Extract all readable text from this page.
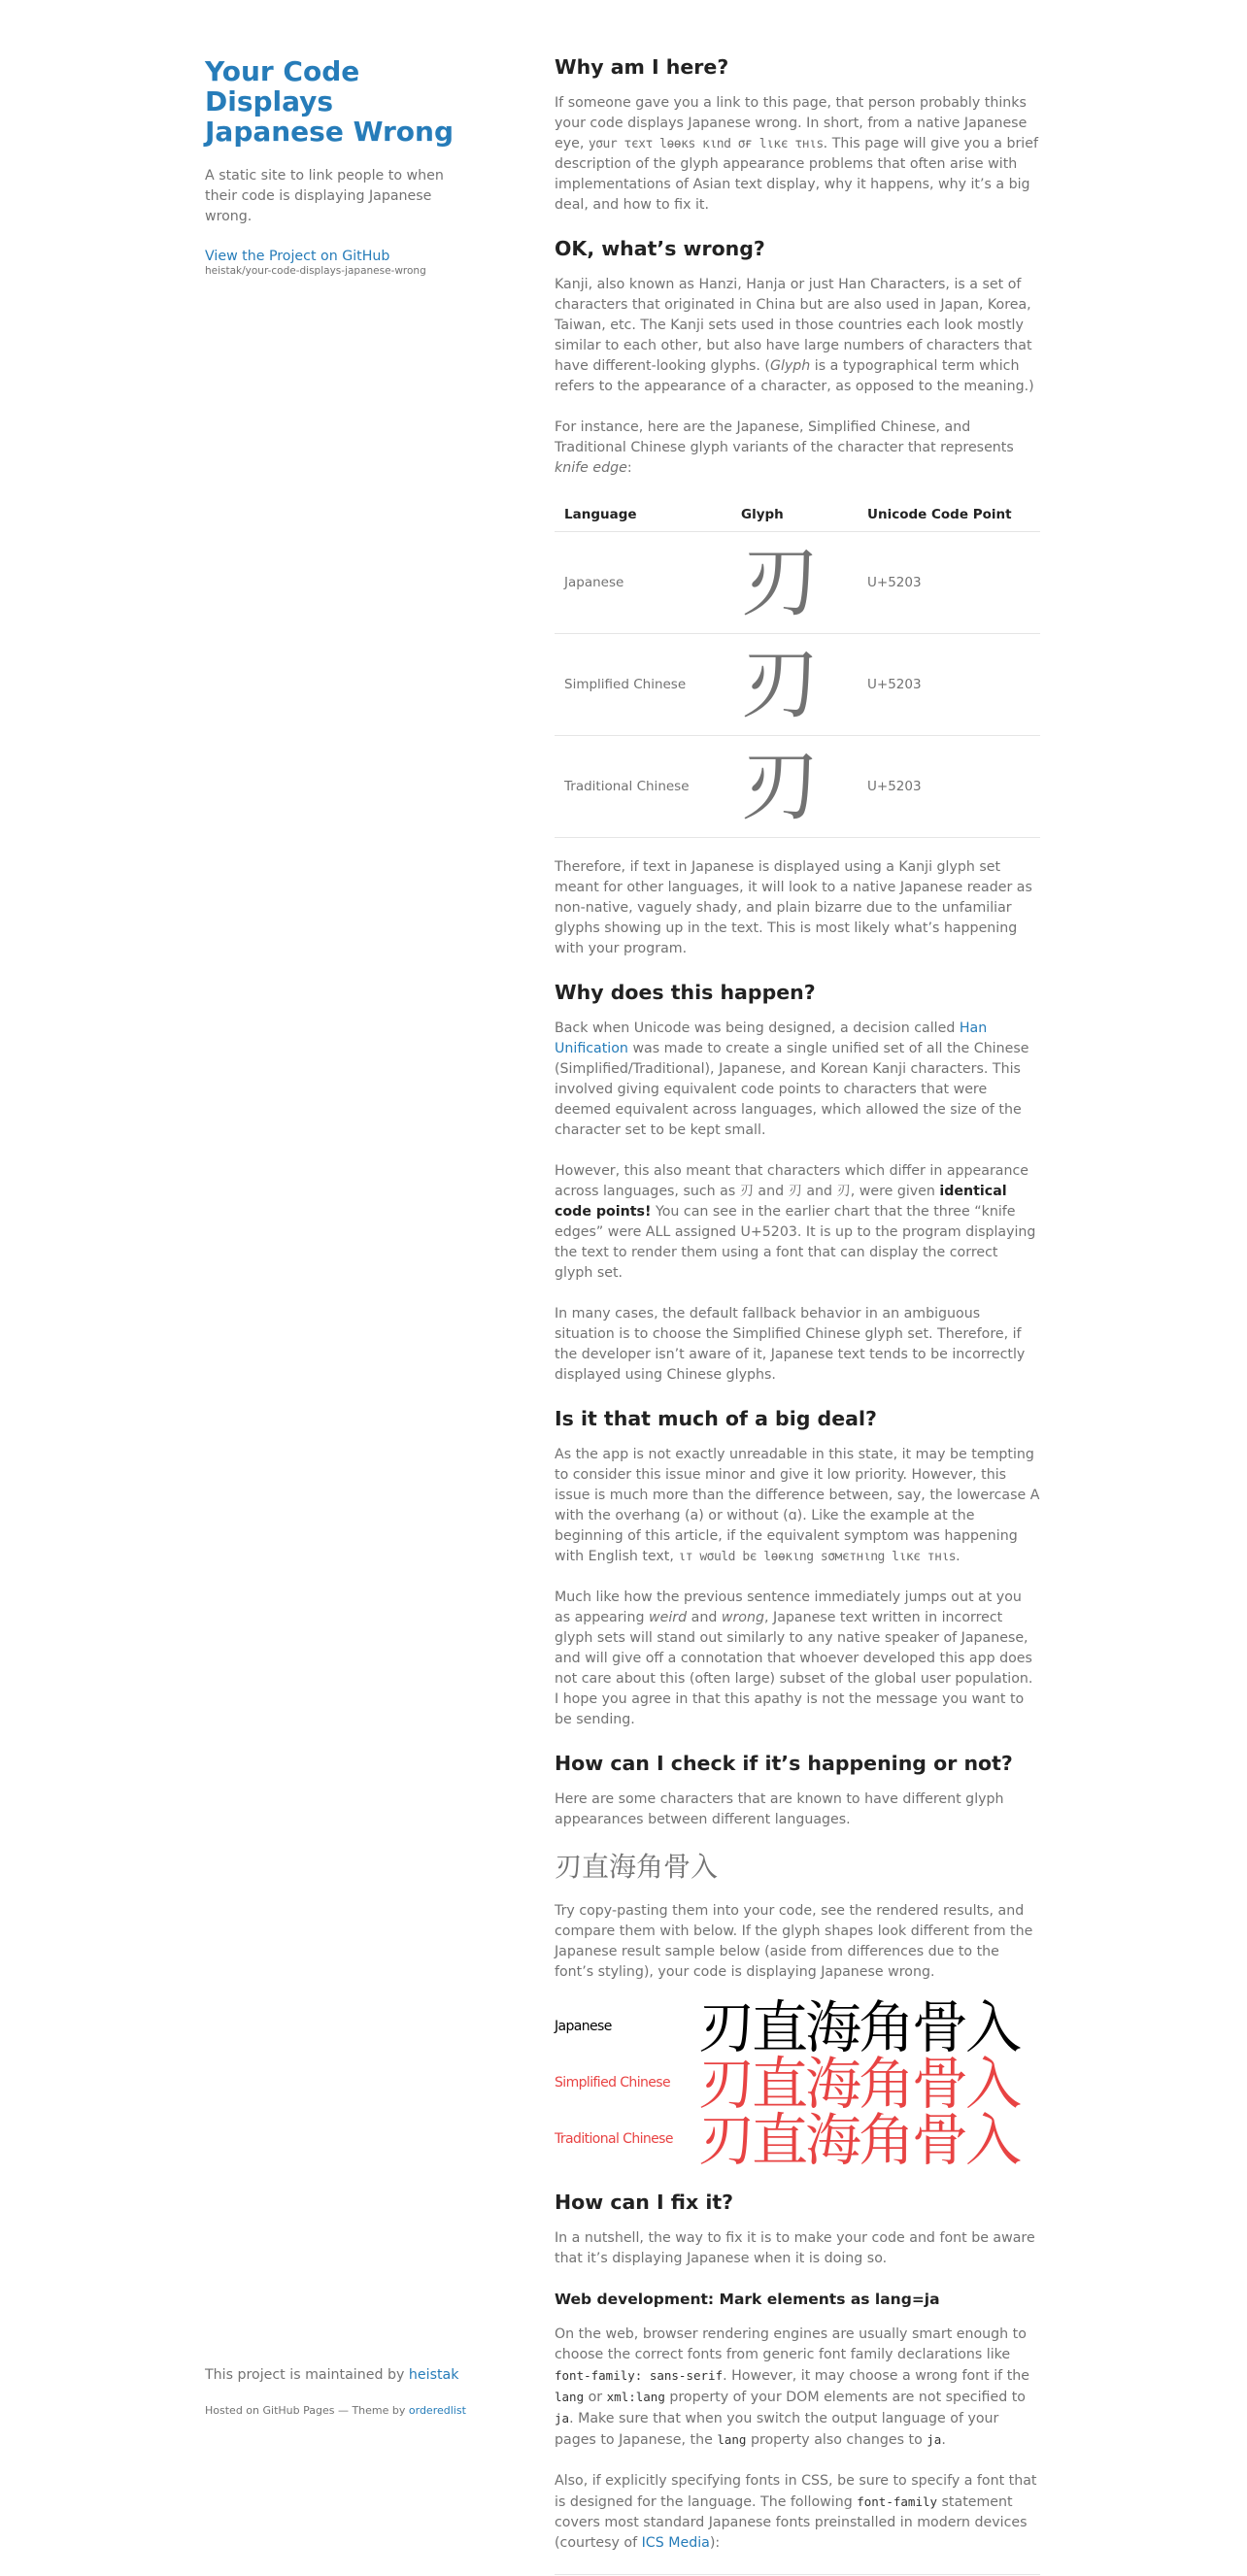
Your Code Displays Japanese Wrong

A static site to link people to when their code is displaying Japanese wrong.

View the Project on GitHub
heistak/your-code-displays-japanese-wrong

This project is maintained by heistak

Hosted on GitHub Pages — Theme by orderedlist

Why am I here?

If someone gave you a link to this page, that person probably thinks your code displays Japanese wrong. In short, from a native Japanese eye, yσur τєxτ lөөκs ĸιnd σғ lιĸє τнιs. This page will give you a brief description of the glyph appearance problems that often arise with implementations of Asian text display, why it happens, why it’s a big deal, and how to fix it.

OK, what’s wrong?

Kanji, also known as Hanzi, Hanja or just Han Characters, is a set of characters that originated in China but are also used in Japan, Korea, Taiwan, etc. The Kanji sets used in those countries each look mostly similar to each other, but also have large numbers of characters that have different-looking glyphs. (Glyph is a typographical term which refers to the appearance of a character, as opposed to the meaning.)

For instance, here are the Japanese, Simplified Chinese, and Traditional Chinese glyph variants of the character that represents knife edge:

Language	Glyph	Unicode Code Point
Japanese	刃	U+5203
Simplified Chinese	刃	U+5203
Traditional Chinese	刃	U+5203

Therefore, if text in Japanese is displayed using a Kanji glyph set meant for other languages, it will look to a native Japanese reader as non-native, vaguely shady, and plain bizarre due to the unfamiliar glyphs showing up in the text. This is most likely what’s happening with your program.

Why does this happen?

Back when Unicode was being designed, a decision called Han Unification was made to create a single unified set of all the Chinese (Simplified/Traditional), Japanese, and Korean Kanji characters. This involved giving equivalent code points to characters that were deemed equivalent across languages, which allowed the size of the character set to be kept small.

However, this also meant that characters which differ in appearance across languages, such as 刃 and 刃 and 刃, were given identical code points! You can see in the earlier chart that the three “knife edges” were ALL assigned U+5203. It is up to the program displaying the text to render them using a font that can display the correct glyph set.

In many cases, the default fallback behavior in an ambiguous situation is to choose the Simplified Chinese glyph set. Therefore, if the developer isn’t aware of it, Japanese text tends to be incorrectly displayed using Chinese glyphs.

Is it that much of a big deal?

As the app is not exactly unreadable in this state, it may be tempting to consider this issue minor and give it low priority. However, this issue is much more than the difference between, say, the lowercase A with the overhang (a) or without (ɑ). Like the example at the beginning of this article, if the equivalent symptom was happening with English text, ιт wσuld bє lөөκιng sσмєтнιng lιĸє тнιs.

Much like how the previous sentence immediately jumps out at you as appearing weird and wrong, Japanese text written in incorrect glyph sets will stand out similarly to any native speaker of Japanese, and will give off a connotation that whoever developed this app does not care about this (often large) subset of the global user population. I hope you agree in that this apathy is not the message you want to be sending.

How can I check if it’s happening or not?

Here are some characters that are known to have different glyph appearances between different languages.

刃直海角骨入

Try copy-pasting them into your code, see the rendered results, and compare them with below. If the glyph shapes look different from the Japanese result sample below (aside from differences due to the font’s styling), your code is displaying Japanese wrong.

Japanese 刃直海角骨入
Simplified Chinese 刃直海角骨入
Traditional Chinese 刃直海角骨入
How can I fix it?

In a nutshell, the way to fix it is to make your code and font be aware that it’s displaying Japanese when it is doing so.

Web development: Mark elements as lang=ja

On the web, browser rendering engines are usually smart enough to choose the correct fonts from generic font family declarations like font-family: sans-serif. However, it may choose a wrong font if the lang or xml:lang property of your DOM elements are not specified to ja. Make sure that when you switch the output language of your pages to Japanese, the lang property also changes to ja.

Also, if explicitly specifying fonts in CSS, be sure to specify a font that is designed for the language. The following font-family statement covers most standard Japanese fonts preinstalled in modern devices (courtesy of ICS Media):
